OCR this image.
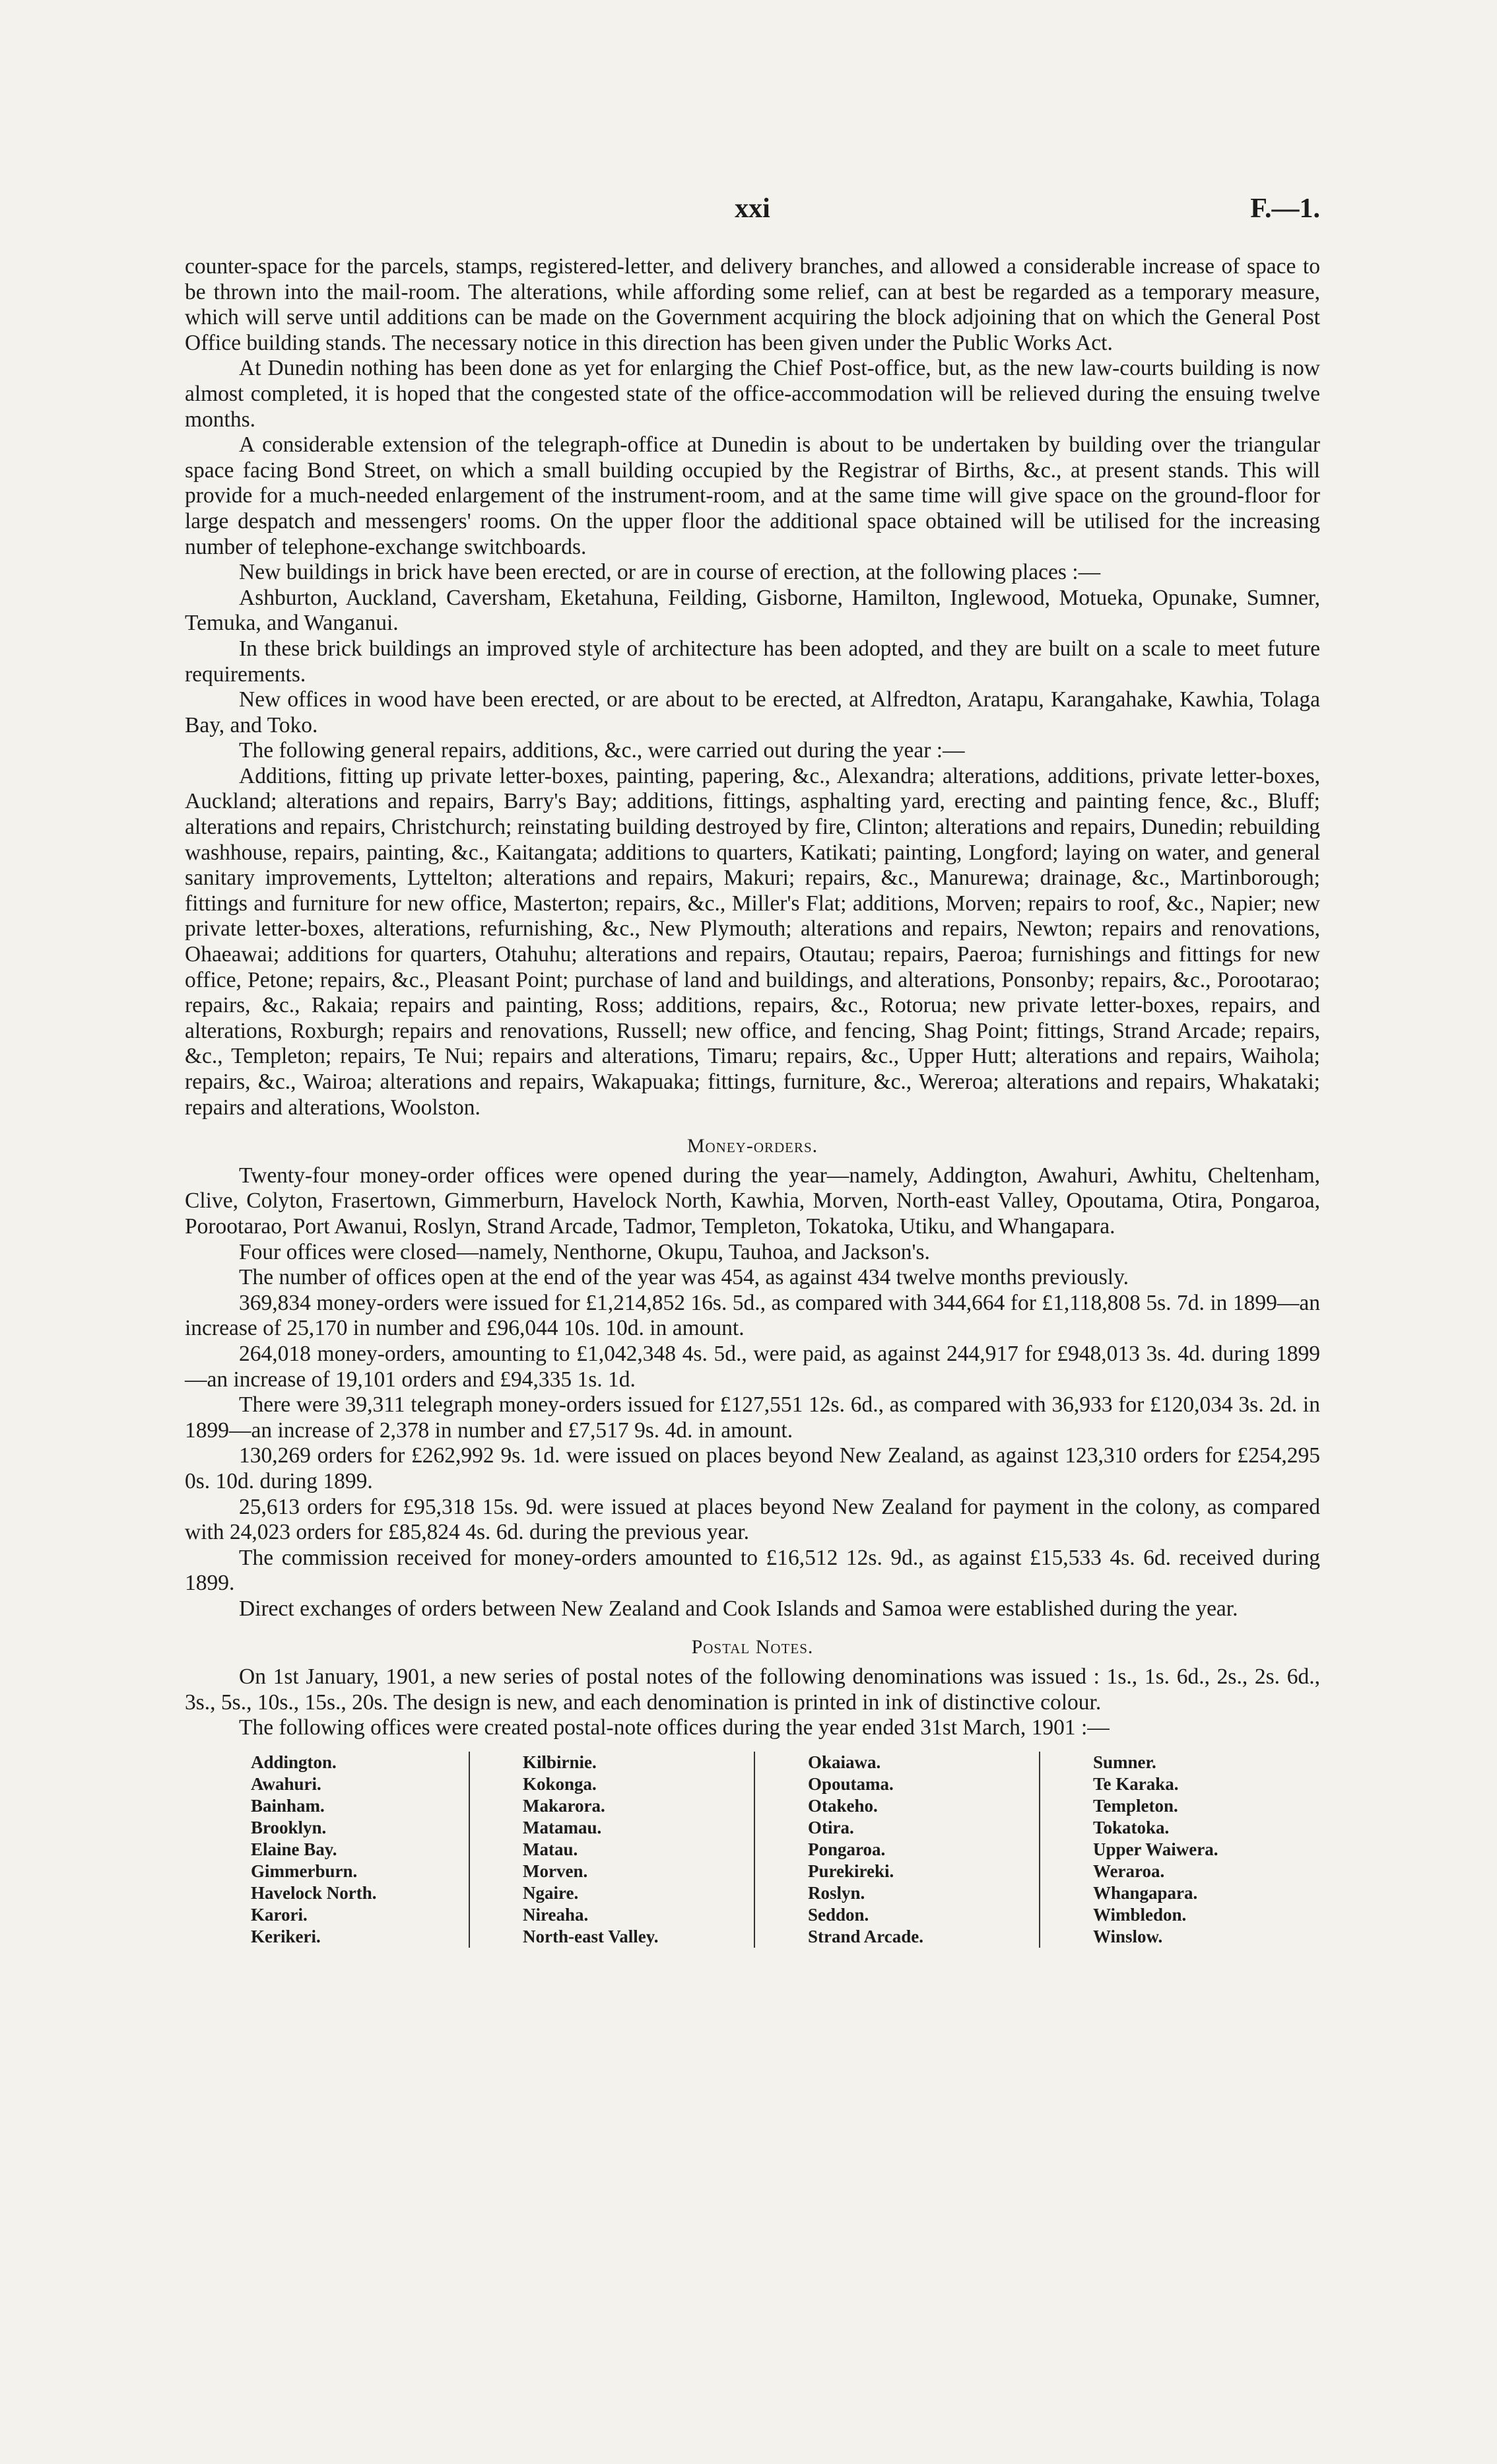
xxi	F.—1.

counter-space for the parcels, stamps, registered-letter, and delivery branches, and allowed a considerable increase of space to be thrown into the mail-room. The alterations, while affording some relief, can at best be regarded as a temporary measure, which will serve until additions can be made on the Government acquiring the block adjoining that on which the General Post Office building stands. The necessary notice in this direction has been given under the Public Works Act.

At Dunedin nothing has been done as yet for enlarging the Chief Post-office, but, as the new law-courts building is now almost completed, it is hoped that the congested state of the office-accommodation will be relieved during the ensuing twelve months.

A considerable extension of the telegraph-office at Dunedin is about to be undertaken by building over the triangular space facing Bond Street, on which a small building occupied by the Registrar of Births, &c., at present stands. This will provide for a much-needed enlargement of the instrument-room, and at the same time will give space on the ground-floor for large despatch and messengers' rooms. On the upper floor the additional space obtained will be utilised for the increasing number of telephone-exchange switchboards.

New buildings in brick have been erected, or are in course of erection, at the following places :—

Ashburton, Auckland, Caversham, Eketahuna, Feilding, Gisborne, Hamilton, Inglewood, Motueka, Opunake, Sumner, Temuka, and Wanganui.

In these brick buildings an improved style of architecture has been adopted, and they are built on a scale to meet future requirements.

New offices in wood have been erected, or are about to be erected, at Alfredton, Aratapu, Karangahake, Kawhia, Tolaga Bay, and Toko.

The following general repairs, additions, &c., were carried out during the year :—

Additions, fitting up private letter-boxes, painting, papering, &c., Alexandra; alterations, additions, private letter-boxes, Auckland; alterations and repairs, Barry's Bay; additions, fittings, asphalting yard, erecting and painting fence, &c., Bluff; alterations and repairs, Christchurch; reinstating building destroyed by fire, Clinton; alterations and repairs, Dunedin; rebuilding washhouse, repairs, painting, &c., Kaitangata; additions to quarters, Katikati; painting, Longford; laying on water, and general sanitary improvements, Lyttelton; alterations and repairs, Makuri; repairs, &c., Manurewa; drainage, &c., Martinborough; fittings and furniture for new office, Masterton; repairs, &c., Miller's Flat; additions, Morven; repairs to roof, &c., Napier; new private letter-boxes, alterations, refurnishing, &c., New Plymouth; alterations and repairs, Newton; repairs and renovations, Ohaeawai; additions for quarters, Otahuhu; alterations and repairs, Otautau; repairs, Paeroa; furnishings and fittings for new office, Petone; repairs, &c., Pleasant Point; purchase of land and buildings, and alterations, Ponsonby; repairs, &c., Porootarao; repairs, &c., Rakaia; repairs and painting, Ross; additions, repairs, &c., Rotorua; new private letter-boxes, repairs, and alterations, Roxburgh; repairs and renovations, Russell; new office, and fencing, Shag Point; fittings, Strand Arcade; repairs, &c., Templeton; repairs, Te Nui; repairs and alterations, Timaru; repairs, &c., Upper Hutt; alterations and repairs, Waihola; repairs, &c., Wairoa; alterations and repairs, Wakapuaka; fittings, furniture, &c., Wereroa; alterations and repairs, Whakataki; repairs and alterations, Woolston.

Money-orders.

Twenty-four money-order offices were opened during the year—namely, Addington, Awahuri, Awhitu, Cheltenham, Clive, Colyton, Frasertown, Gimmerburn, Havelock North, Kawhia, Morven, North-east Valley, Opoutama, Otira, Pongaroa, Porootarao, Port Awanui, Roslyn, Strand Arcade, Tadmor, Templeton, Tokatoka, Utiku, and Whangapara.

Four offices were closed—namely, Nenthorne, Okupu, Tauhoa, and Jackson's.

The number of offices open at the end of the year was 454, as against 434 twelve months previously.

369,834 money-orders were issued for £1,214,852 16s. 5d., as compared with 344,664 for £1,118,808 5s. 7d. in 1899—an increase of 25,170 in number and £96,044 10s. 10d. in amount.

264,018 money-orders, amounting to £1,042,348 4s. 5d., were paid, as against 244,917 for £948,013 3s. 4d. during 1899—an increase of 19,101 orders and £94,335 1s. 1d.

There were 39,311 telegraph money-orders issued for £127,551 12s. 6d., as compared with 36,933 for £120,034 3s. 2d. in 1899—an increase of 2,378 in number and £7,517 9s. 4d. in amount.

130,269 orders for £262,992 9s. 1d. were issued on places beyond New Zealand, as against 123,310 orders for £254,295 0s. 10d. during 1899.

25,613 orders for £95,318 15s. 9d. were issued at places beyond New Zealand for payment in the colony, as compared with 24,023 orders for £85,824 4s. 6d. during the previous year.

The commission received for money-orders amounted to £16,512 12s. 9d., as against £15,533 4s. 6d. received during 1899.

Direct exchanges of orders between New Zealand and Cook Islands and Samoa were established during the year.

Postal Notes.

On 1st January, 1901, a new series of postal notes of the following denominations was issued : 1s., 1s. 6d., 2s., 2s. 6d., 3s., 5s., 10s., 15s., 20s. The design is new, and each denomination is printed in ink of distinctive colour.

The following offices were created postal-note offices during the year ended 31st March, 1901 :—

Addington.
Awahuri.
Bainham.
Brooklyn.
Elaine Bay.
Gimmerburn.
Havelock North.
Karori.
Kerikeri.
Kilbirnie.
Kokonga.
Makarora.
Matamau.
Matau.
Morven.
Ngaire.
Nireaha.
North-east Valley.
Okaiawa.
Opoutama.
Otakeho.
Otira.
Pongaroa.
Purekireki.
Roslyn.
Seddon.
Strand Arcade.
Sumner.
Te Karaka.
Templeton.
Tokatoka.
Upper Waiwera.
Weraroa.
Whangapara.
Wimbledon.
Winslow.
